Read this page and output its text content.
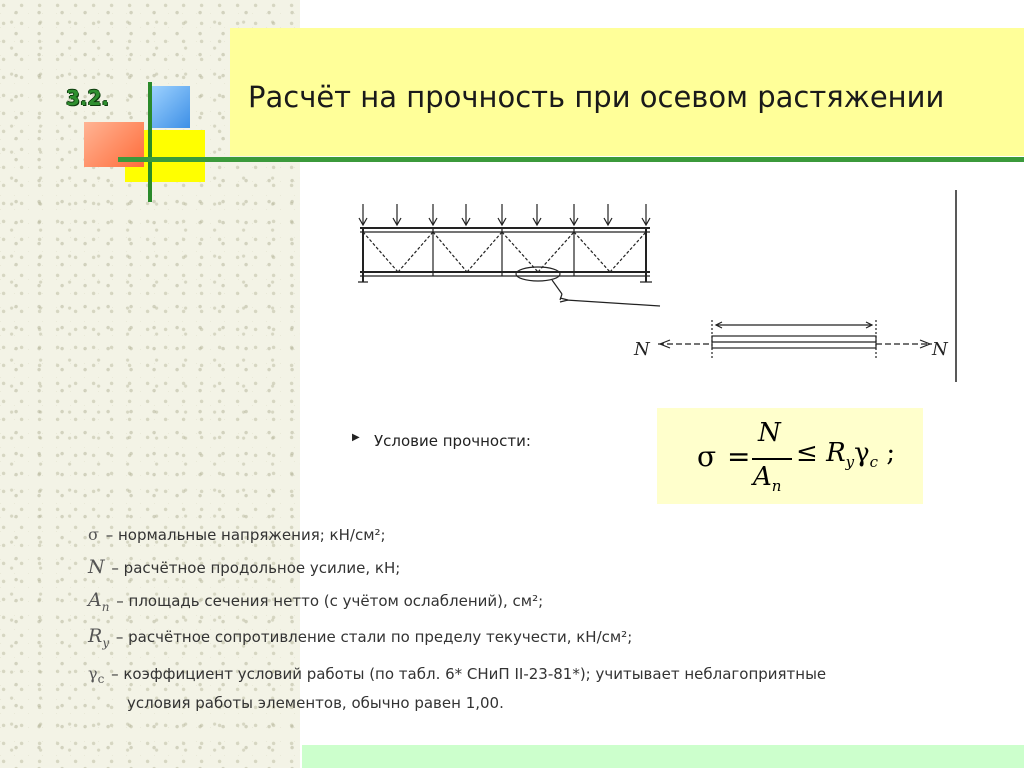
3.2.	Расчёт на прочность при осевом растяжении
N	N
▶ Условие прочности:	σ =
N
$A_n$
≤ $R_y\gamma_c$ ;
σ – нормальные напряжения; кН/см²;
N – расчётное продольное усилие, кН;
$A_n$ – площадь сечения нетто (с учётом ослаблений), см²;
$R_y$ – расчётное сопротивление стали по пределу текучести, кН/см²;
$\gamma_c$ – коэффициент условий работы (по табл. 6* СНиП II-23-81*); учитывает неблагоприятные
условия работы элементов, обычно равен 1,00.
